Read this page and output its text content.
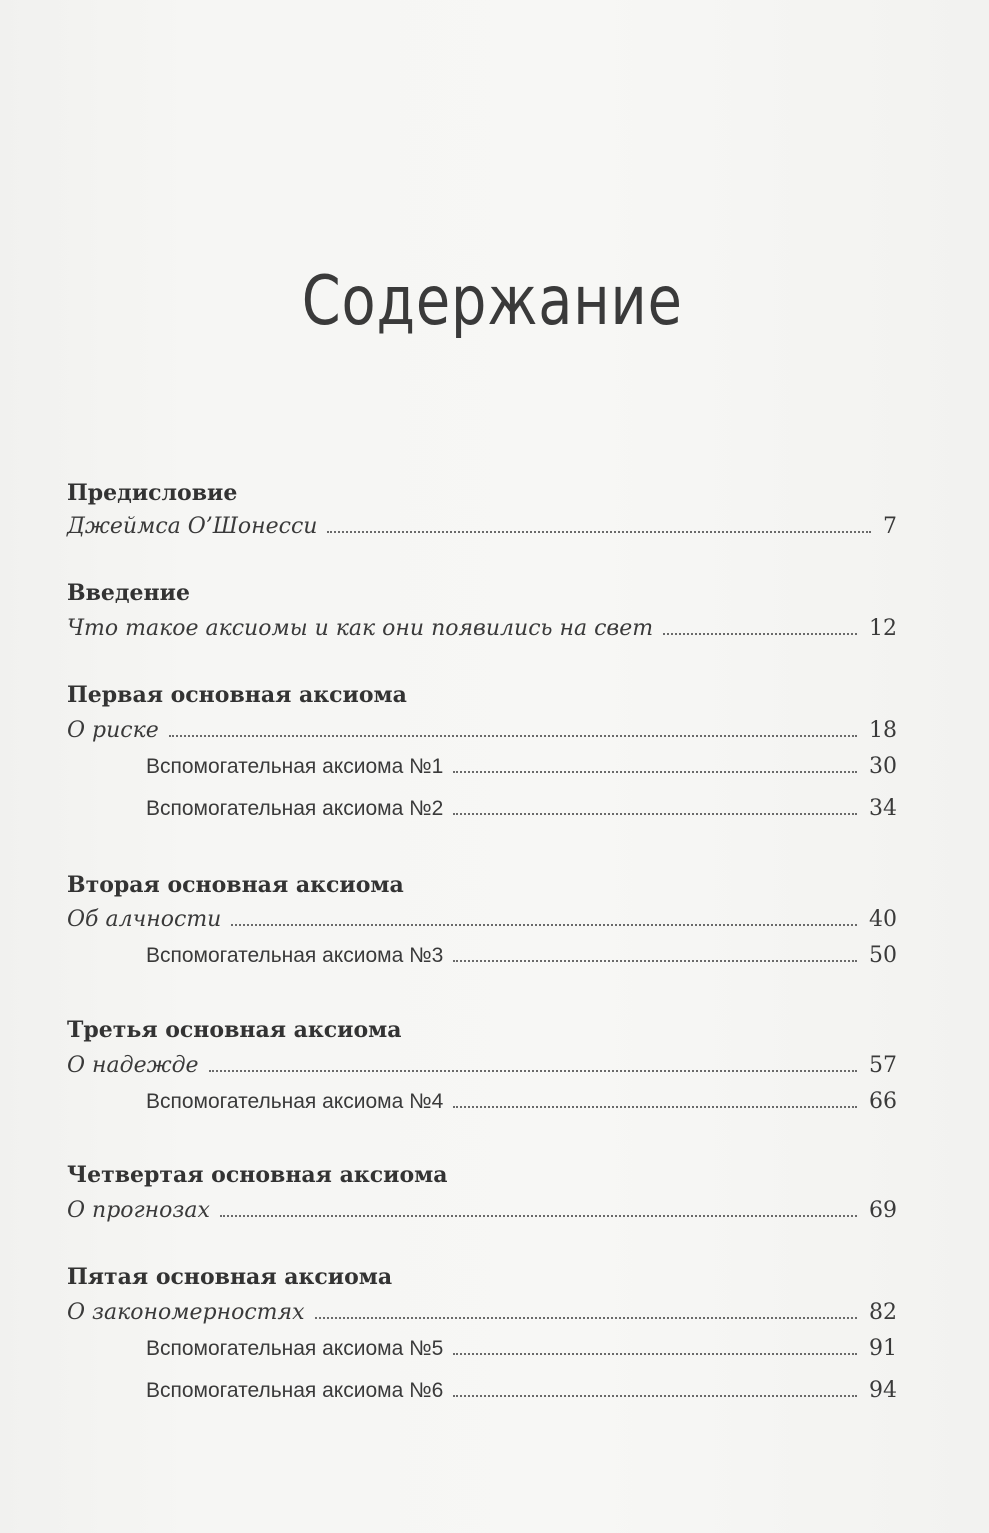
Содержание
Предисловие
Джеймса О’Шонесси	7
Введение
Что такое аксиомы и как они появились на свет	12
Первая основная аксиома
О риске	18
Вспомогательная аксиома №1	30
Вспомогательная аксиома №2	34
Вторая основная аксиома
Об алчности	40
Вспомогательная аксиома №3	50
Третья основная аксиома
О надежде	57
Вспомогательная аксиома №4	66
Четвертая основная аксиома
О прогнозах	69
Пятая основная аксиома
О закономерностях	82
Вспомогательная аксиома №5	91
Вспомогательная аксиома №6	94
